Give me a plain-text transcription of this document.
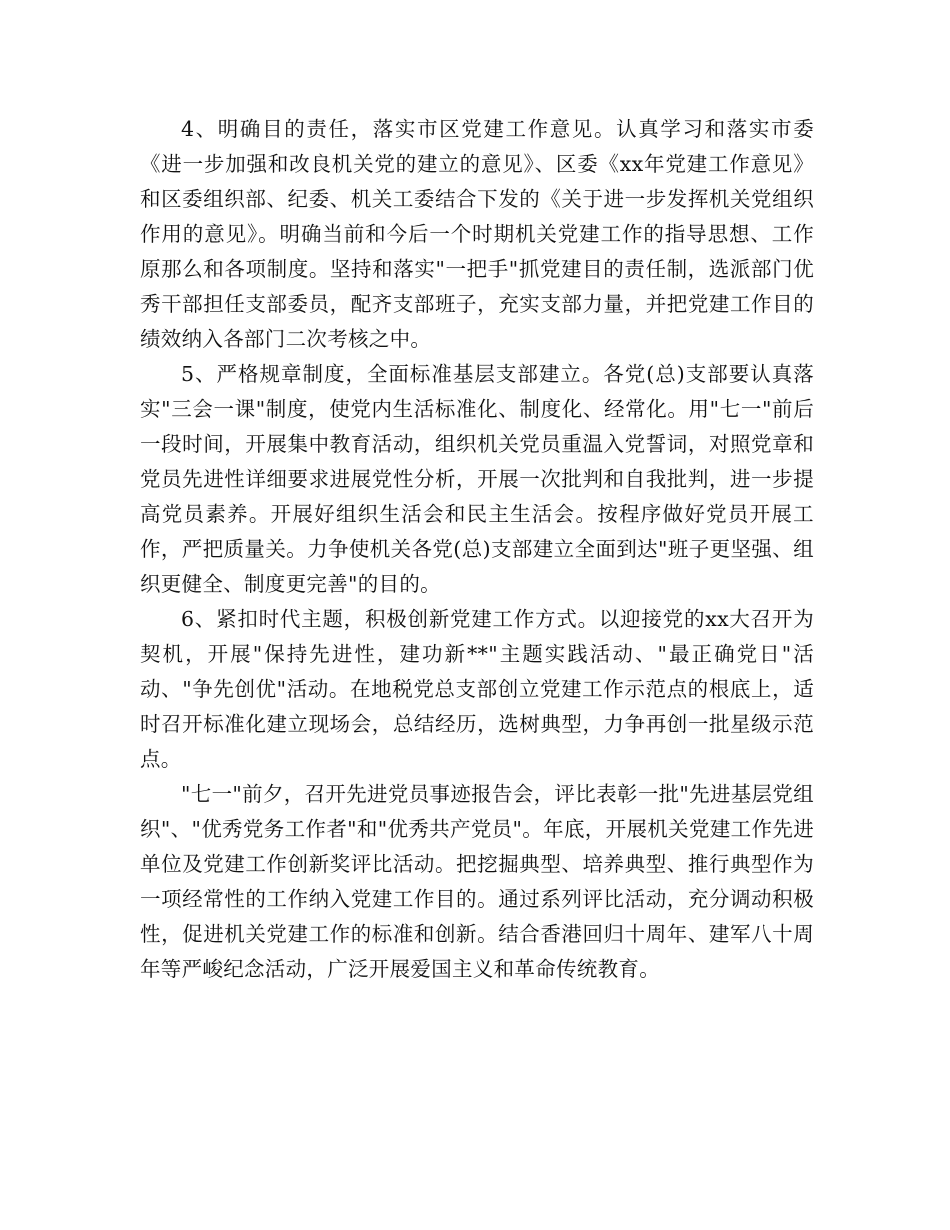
4、明确目的责任，落实市区党建工作意见。认真学习和落实市委《进一步加强和改良机关党的建立的意见》、区委《xx年党建工作意见》和区委组织部、纪委、机关工委结合下发的《关于进一步发挥机关党组织作用的意见》。明确当前和今后一个时期机关党建工作的指导思想、工作原那么和各项制度。坚持和落实"一把手"抓党建目的责任制，选派部门优秀干部担任支部委员，配齐支部班子，充实支部力量，并把党建工作目的绩效纳入各部门二次考核之中。

5、严格规章制度，全面标准基层支部建立。各党(总)支部要认真落实"三会一课"制度，使党内生活标准化、制度化、经常化。用"七一"前后一段时间，开展集中教育活动，组织机关党员重温入党誓词，对照党章和党员先进性详细要求进展党性分析，开展一次批判和自我批判，进一步提高党员素养。开展好组织生活会和民主生活会。按程序做好党员开展工作，严把质量关。力争使机关各党(总)支部建立全面到达"班子更坚强、组织更健全、制度更完善"的目的。

6、紧扣时代主题，积极创新党建工作方式。以迎接党的xx大召开为契机，开展"保持先进性，建功新**"主题实践活动、"最正确党日"活动、"争先创优"活动。在地税党总支部创立党建工作示范点的根底上，适时召开标准化建立现场会，总结经历，选树典型，力争再创一批星级示范点。

"七一"前夕，召开先进党员事迹报告会，评比表彰一批"先进基层党组织"、"优秀党务工作者"和"优秀共产党员"。年底，开展机关党建工作先进单位及党建工作创新奖评比活动。把挖掘典型、培养典型、推行典型作为一项经常性的工作纳入党建工作目的。通过系列评比活动，充分调动积极性，促进机关党建工作的标准和创新。结合香港回归十周年、建军八十周年等严峻纪念活动，广泛开展爱国主义和革命传统教育。
